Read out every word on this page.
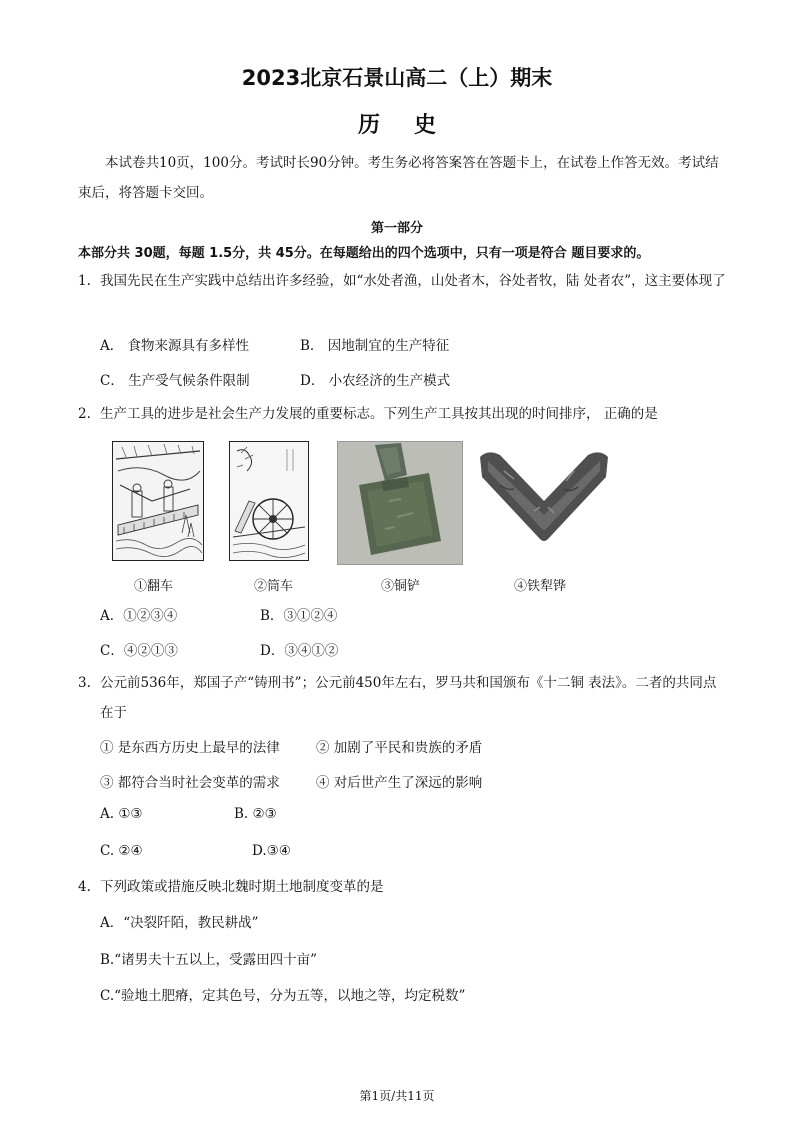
2023北京石景山高二（上）期末
历史

本试卷共10页，100分。考试时长90分钟。考生务必将答案答在答题卡上，在试卷上作答无效。考试结束后，将答题卡交回。

第一部分
本部分共 30题，每题 1.5分，共 45分。在每题给出的四个选项中，只有一项是符合 题目要求的。
1. 我国先民在生产实践中总结出许多经验，如“水处者渔，山处者木，谷处者牧，陆 处者农”，这主要体现了
A． 食物来源具有多样性	B． 因地制宜的生产特征
C． 生产受气候条件限制	D． 小农经济的生产模式
2. 生产工具的进步是社会生产力发展的重要标志。下列生产工具按其出现的时间排序， 正确的是
①翻车	②筒车	③铜铲	④铁犁铧
A．①②③④	B．③①②④
C．④②①③	D．③④①②
3. 公元前536年，郑国子产“铸刑书”；公元前450年左右，罗马共和国颁布《十二铜 表法》。二者的共同点在于
① 是东西方历史上最早的法律	② 加剧了平民和贵族的矛盾
③ 都符合当时社会变革的需求	④ 对后世产生了深远的影响
A. ①③	B. ②③
C. ②④	D.③④
4. 下列政策或措施反映北魏时期土地制度变革的是
A．“决裂阡陌，教民耕战”
B.“诸男夫十五以上，受露田四十亩”
C.“验地土肥瘠，定其色号，分为五等，以地之等，均定税数”
第1页/共11页
